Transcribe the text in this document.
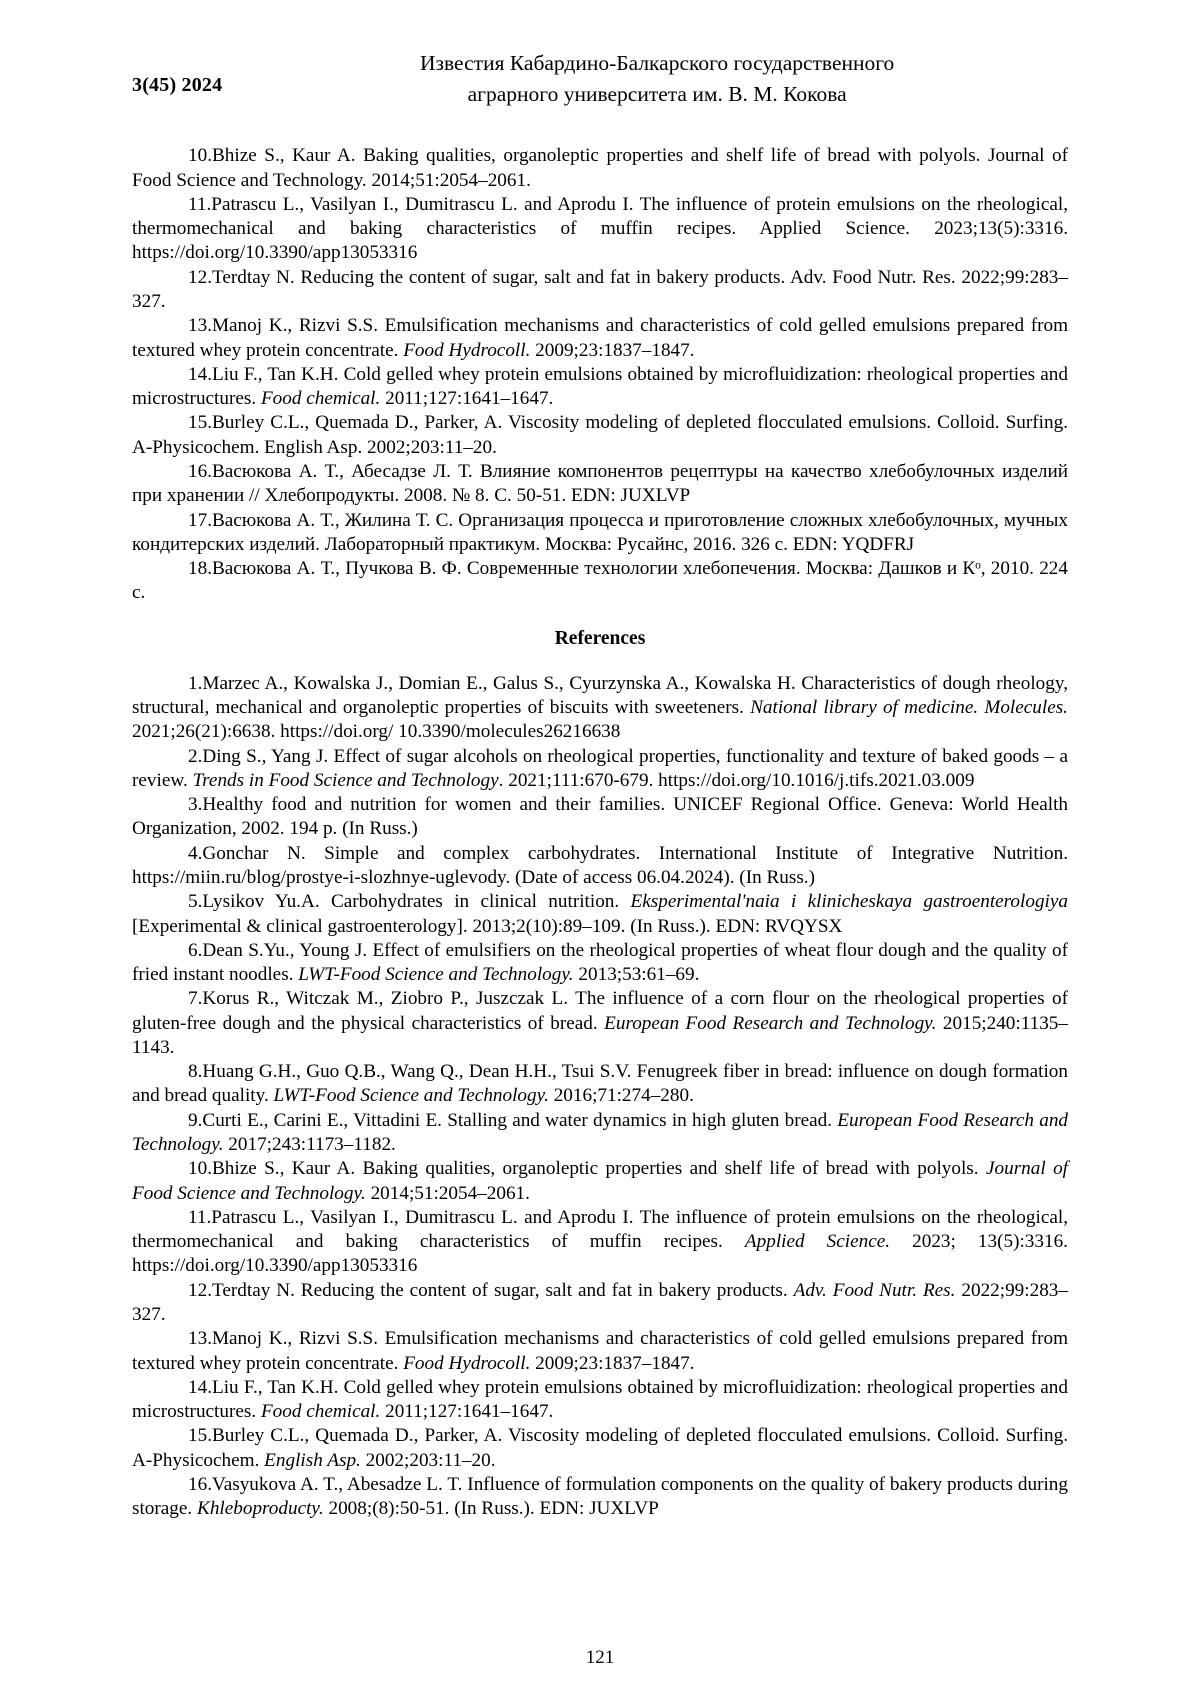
3(45) 2024
Известия Кабардино-Балкарского государственного
аграрного университета им. В. М. Кокова

10.Bhize S., Kaur A. Baking qualities, organoleptic properties and shelf life of bread with polyols. Journal of Food Science and Technology. 2014;51:2054–2061.

11.Patrascu L., Vasilyan I., Dumitrascu L. and Aprodu I. The influence of protein emulsions on the rheological, thermomechanical and baking characteristics of muffin recipes. Applied Science. 2023;13(5):3316. https://doi.org/10.3390/app13053316

12.Terdtay N. Reducing the content of sugar, salt and fat in bakery products. Adv. Food Nutr. Res. 2022;99:283–327.

13.Manoj K., Rizvi S.S. Emulsification mechanisms and characteristics of cold gelled emulsions prepared from textured whey protein concentrate. Food Hydrocoll. 2009;23:1837–1847.

14.Liu F., Tan K.H. Cold gelled whey protein emulsions obtained by microfluidization: rheological properties and microstructures. Food chemical. 2011;127:1641–1647.

15.Burley C.L., Quemada D., Parker, A. Viscosity modeling of depleted flocculated emulsions. Colloid. Surfing. A-Physicochem. English Asp. 2002;203:11–20.

16.Васюкова А. Т., Абесадзе Л. Т. Влияние компонентов рецептуры на качество хлебобулочных изделий при хранении // Хлебопродукты. 2008. № 8. С. 50-51. EDN: JUXLVP

17.Васюкова А. Т., Жилина Т. С. Организация процесса и приготовление сложных хлебобулочных, мучных кондитерских изделий. Лабораторный практикум. Москва: Русайнс, 2016. 326 с. EDN: YQDFRJ

18.Васюкова А. Т., Пучкова В. Ф. Современные технологии хлебопечения. Москва: Дашков и Кᵒ, 2010. 224 с.

References

1.Marzec A., Kowalska J., Domian E., Galus S., Cyurzynska A., Kowalska H. Characteristics of dough rheology, structural, mechanical and organoleptic properties of biscuits with sweeteners. National library of medicine. Molecules. 2021;26(21):6638. https://doi.org/ 10.3390/molecules26216638

2.Ding S., Yang J. Effect of sugar alcohols on rheological properties, functionality and texture of baked goods – a review. Trends in Food Science and Technology. 2021;111:670-679. https://doi.org/10.1016/j.tifs.2021.03.009

3.Healthy food and nutrition for women and their families. UNICEF Regional Office. Geneva: World Health Organization, 2002. 194 p. (In Russ.)

4.Gonchar N. Simple and complex carbohydrates. International Institute of Integrative Nutrition. https://miin.ru/blog/prostye-i-slozhnye-uglevody. (Date of access 06.04.2024). (In Russ.)

5.Lysikov Yu.A. Carbohydrates in clinical nutrition. Eksperimental'naia i klinicheskaya gastroenterologiya [Experimental & clinical gastroenterology]. 2013;2(10):89–109. (In Russ.). EDN: RVQYSX

6.Dean S.Yu., Young J. Effect of emulsifiers on the rheological properties of wheat flour dough and the quality of fried instant noodles. LWT-Food Science and Technology. 2013;53:61–69.

7.Korus R., Witczak M., Ziobro P., Juszczak L. The influence of a corn flour on the rheological properties of gluten-free dough and the physical characteristics of bread. European Food Research and Technology. 2015;240:1135–1143.

8.Huang G.H., Guo Q.B., Wang Q., Dean H.H., Tsui S.V. Fenugreek fiber in bread: influence on dough formation and bread quality. LWT-Food Science and Technology. 2016;71:274–280.

9.Curti E., Carini E., Vittadini E. Stalling and water dynamics in high gluten bread. European Food Research and Technology. 2017;243:1173–1182.

10.Bhize S., Kaur A. Baking qualities, organoleptic properties and shelf life of bread with polyols. Journal of Food Science and Technology. 2014;51:2054–2061.

11.Patrascu L., Vasilyan I., Dumitrascu L. and Aprodu I. The influence of protein emulsions on the rheological, thermomechanical and baking characteristics of muffin recipes. Applied Science. 2023; 13(5):3316. https://doi.org/10.3390/app13053316

12.Terdtay N. Reducing the content of sugar, salt and fat in bakery products. Adv. Food Nutr. Res. 2022;99:283–327.

13.Manoj K., Rizvi S.S. Emulsification mechanisms and characteristics of cold gelled emulsions prepared from textured whey protein concentrate. Food Hydrocoll. 2009;23:1837–1847.

14.Liu F., Tan K.H. Cold gelled whey protein emulsions obtained by microfluidization: rheological properties and microstructures. Food chemical. 2011;127:1641–1647.

15.Burley C.L., Quemada D., Parker, A. Viscosity modeling of depleted flocculated emulsions. Colloid. Surfing. A-Physicochem. English Asp. 2002;203:11–20.

16.Vasyukova A. T., Abesadze L. T. Influence of formulation components on the quality of bakery products during storage. Khleboproducty. 2008;(8):50-51. (In Russ.). EDN: JUXLVP

121
